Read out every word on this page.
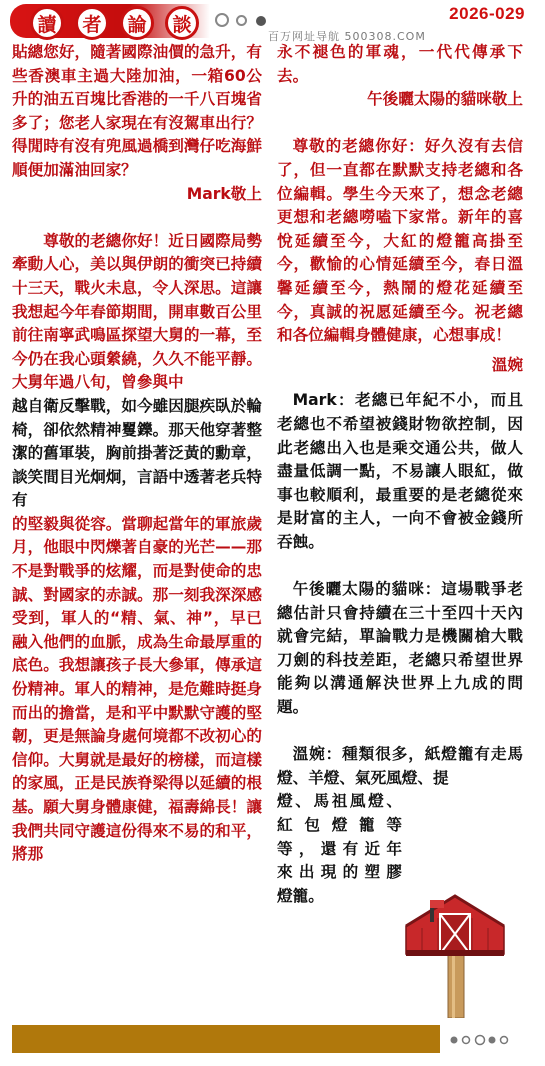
讀	者	論	談	2026-029
百万网址导航 500308.COM

貼總您好，隨著國際油價的急升，有些香澳車主過大陸加油，一箱60公升的油五百塊比香港的一千八百塊省多了；您老人家現在有沒駕車出行？得閒時有沒有兜風過橋到灣仔吃海鮮順便加滿油回家？

Mark敬上

尊敬的老總你好！近日國際局勢牽動人心，美以與伊朗的衝突已持續十三天，戰火未息，令人深思。這讓我想起今年春節期間，開車數百公里前往南寧武鳴區探望大舅的一幕，至今仍在我心頭縈繞，久久不能平靜。大舅年過八旬，曾參與中

越自衛反擊戰，如今雖因腿疾臥於輪椅，卻依然精神矍鑠。那天他穿著整潔的舊軍裝，胸前掛著泛黃的勳章，談笑間目光炯炯，言語中透著老兵特有

的堅毅與從容。當聊起當年的軍旅歲月，他眼中閃爍著自豪的光芒——那不是對戰爭的炫耀，而是對使命的忠誠、對國家的赤誠。那一刻我深深感受到，軍人的“精、氣、神”，早已融入他們的血脈，成為生命最厚重的底色。我想讓孩子長大參軍，傳承這份精神。軍人的精神，是危難時挺身而出的擔當，是和平中默默守護的堅韌，更是無論身處何境都不改初心的信仰。大舅就是最好的榜樣，而這樣的家風，正是民族脊梁得以延續的根基。願大舅身體康健，福壽綿長！讓我們共同守護這份得來不易的和平，將那

永不褪色的軍魂，一代代傳承下去。

午後曬太陽的貓咪敬上

尊敬的老總你好：好久沒有去信了，但一直都在默默支持老總和各位編輯。學生今天來了，想念老總更想和老總嘮嗑下家常。新年的喜悅延續至今，大紅的燈籠高掛至今，歡愉的心情延續至今，春日溫馨延續至今，熱鬧的燈花延續至今，真誠的祝愿延續至今。祝老總和各位編輯身體健康，心想事成！

溫婉

Mark：老總已年紀不小，而且老總也不希望被錢財物欲控制，因此老總出入也是乘交通公共，做人盡量低調一點，不易讓人眼紅，做事也較順利，最重要的是老總從來是財富的主人，一向不會被金錢所吞蝕。

午後曬太陽的貓咪：這場戰爭老總估計只會持續在三十至四十天內就會完結，單論戰力是機關槍大戰刀劍的科技差距，老總只希望世界能夠以溝通解決世界上九成的問題。

溫婉：種類很多，紙燈籠有走馬燈、羊燈、氣死風燈、提

燈、馬祖風燈、

紅包燈籠等

等，還有近年

來出現的塑膠

燈籠。
